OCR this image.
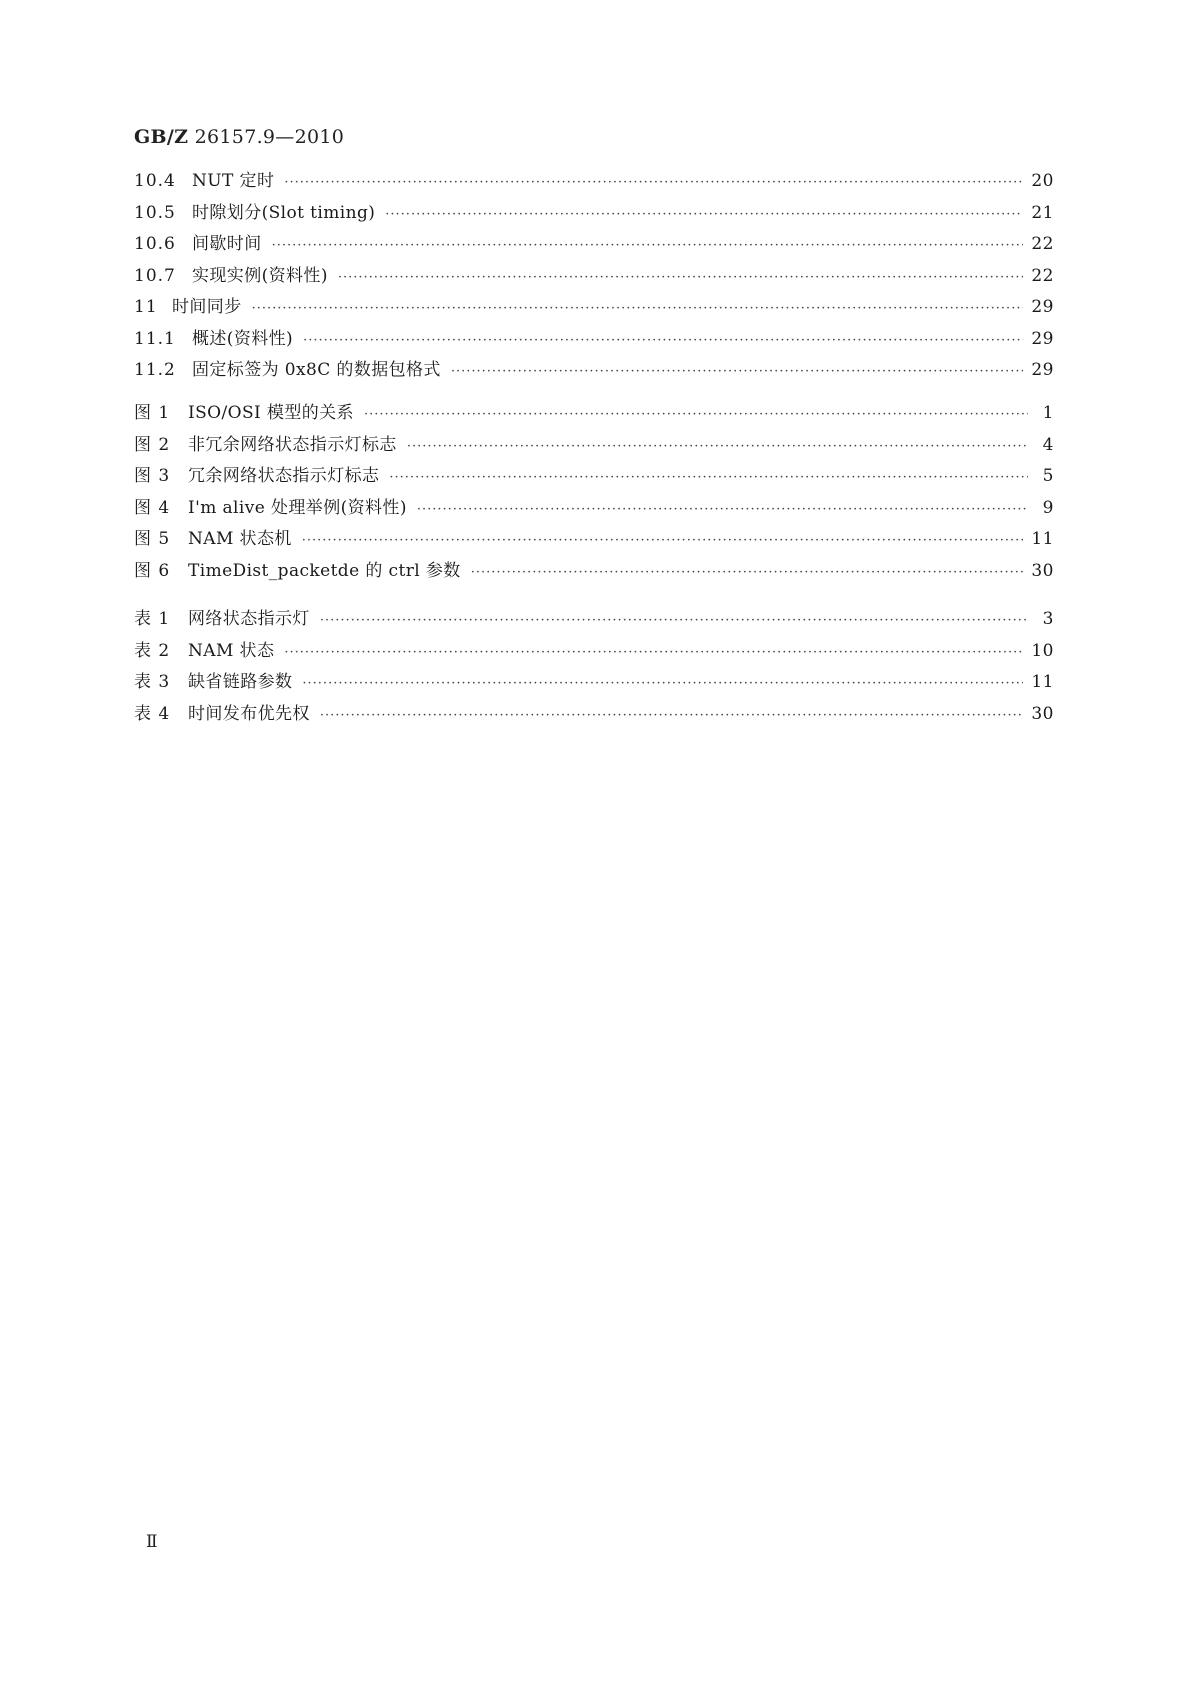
GB/Z 26157.9—2010
10.4 NUT 定时 ·····	20
10.5 时隙划分(Slot timing) ·····	21
10.6 间歇时间 ·····	22
10.7 实现实例(资料性) ·····	22
11 时间同步 ·····	29
11.1 概述(资料性) ·····	29
11.2 固定标签为 0x8C 的数据包格式 ·····	29
图 1	ISO/OSI 模型的关系 ·····	1
图 2	非冗余网络状态指示灯标志 ·····	4
图 3	冗余网络状态指示灯标志 ·····	5
图 4	I'm alive 处理举例(资料性) ·····	9
图 5	NAM 状态机 ·····	11
图 6	TimeDist_packetde 的 ctrl 参数 ·····	30
表 1	网络状态指示灯 ·····	3
表 2	NAM 状态 ·····	10
表 3	缺省链路参数 ·····	11
表 4	时间发布优先权 ·····	30
Ⅱ
